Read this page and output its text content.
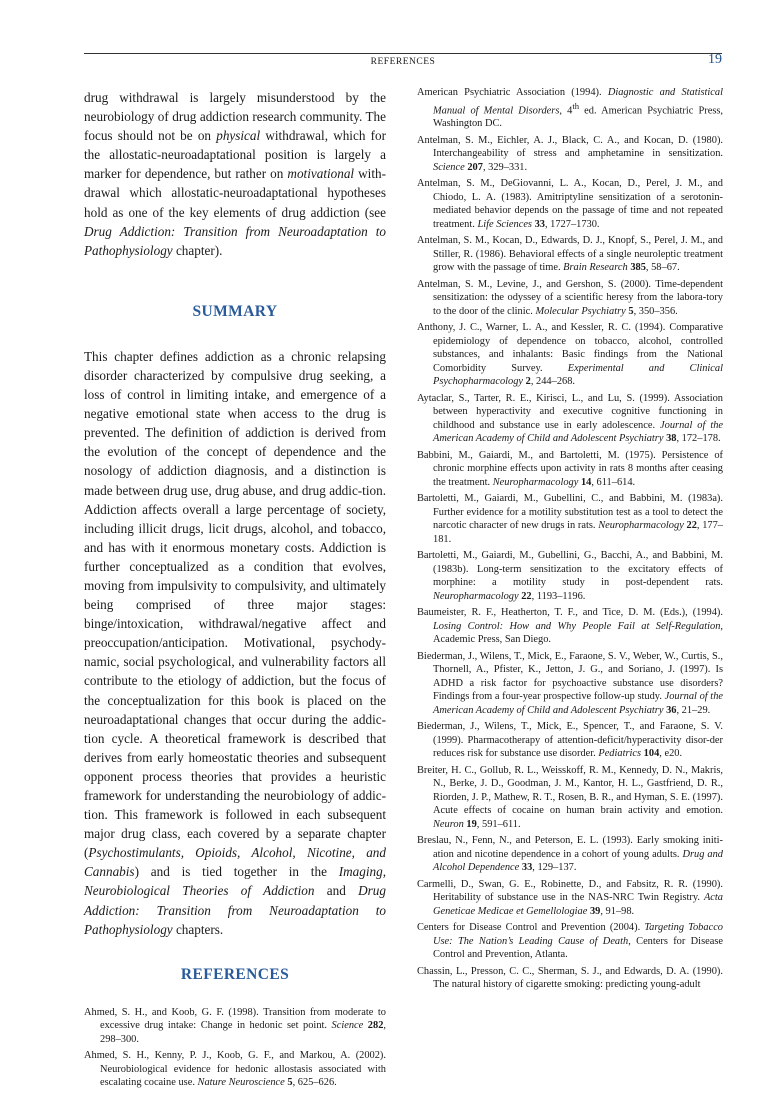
REFERENCES	19

drug withdrawal is largely misunderstood by the neurobiology of drug addiction research community. The focus should not be on physical withdrawal, which for the allostatic-neuroadaptational position is largely a marker for dependence, but rather on motivational with-drawal which allostatic-neuroadaptational hypotheses hold as one of the key elements of drug addiction (see Drug Addiction: Transition from Neuroadaptation to Pathophysiology chapter).

SUMMARY

This chapter defines addiction as a chronic relapsing disorder characterized by compulsive drug seeking, a loss of control in limiting intake, and emergence of a negative emotional state when access to the drug is prevented. The definition of addiction is derived from the evolution of the concept of dependence and the nosology of addiction diagnosis, and a distinction is made between drug use, drug abuse, and drug addic-tion. Addiction affects overall a large percentage of society, including illicit drugs, licit drugs, alcohol, and tobacco, and has with it enormous monetary costs. Addiction is further conceptualized as a condition that evolves, moving from impulsivity to compulsivity, and ultimately being comprised of three major stages: binge/intoxication, withdrawal/negative affect and preoccupation/anticipation. Motivational, psychody-namic, social psychological, and vulnerability factors all contribute to the etiology of addiction, but the focus of the conceptualization for this book is placed on the neuroadaptational changes that occur during the addic-tion cycle. A theoretical framework is described that derives from early homeostatic theories and subsequent opponent process theories that provides a heuristic framework for understanding the neurobiology of addic-tion. This framework is followed in each subsequent major drug class, each covered by a separate chapter (Psychostimulants, Opioids, Alcohol, Nicotine, and Cannabis) and is tied together in the Imaging, Neurobiological Theories of Addiction and Drug Addiction: Transition from Neuroadaptation to Pathophysiology chapters.

REFERENCES

Ahmed, S. H., and Koob, G. F. (1998). Transition from moderate to excessive drug intake: Change in hedonic set point. Science 282, 298–300.

Ahmed, S. H., Kenny, P. J., Koob, G. F., and Markou, A. (2002). Neurobiological evidence for hedonic allostasis associated with escalating cocaine use. Nature Neuroscience 5, 625–626.

American Psychiatric Association (1994). Diagnostic and Statistical Manual of Mental Disorders, 4th ed. American Psychiatric Press, Washington DC.

Antelman, S. M., Eichler, A. J., Black, C. A., and Kocan, D. (1980). Interchangeability of stress and amphetamine in sensitization. Science 207, 329–331.

Antelman, S. M., DeGiovanni, L. A., Kocan, D., Perel, J. M., and Chiodo, L. A. (1983). Amitriptyline sensitization of a serotonin-mediated behavior depends on the passage of time and not repeated treatment. Life Sciences 33, 1727–1730.

Antelman, S. M., Kocan, D., Edwards, D. J., Knopf, S., Perel, J. M., and Stiller, R. (1986). Behavioral effects of a single neuroleptic treatment grow with the passage of time. Brain Research 385, 58–67.

Antelman, S. M., Levine, J., and Gershon, S. (2000). Time-dependent sensitization: the odyssey of a scientific heresy from the labora-tory to the door of the clinic. Molecular Psychiatry 5, 350–356.

Anthony, J. C., Warner, L. A., and Kessler, R. C. (1994). Comparative epidemiology of dependence on tobacco, alcohol, controlled substances, and inhalants: Basic findings from the National Comorbidity Survey. Experimental and Clinical Psychopharmacology 2, 244–268.

Aytaclar, S., Tarter, R. E., Kirisci, L., and Lu, S. (1999). Association between hyperactivity and executive cognitive functioning in childhood and substance use in early adolescence. Journal of the American Academy of Child and Adolescent Psychiatry 38, 172–178.

Babbini, M., Gaiardi, M., and Bartoletti, M. (1975). Persistence of chronic morphine effects upon activity in rats 8 months after ceasing the treatment. Neuropharmacology 14, 611–614.

Bartoletti, M., Gaiardi, M., Gubellini, C., and Babbini, M. (1983a). Further evidence for a motility substitution test as a tool to detect the narcotic character of new drugs in rats. Neuropharmacology 22, 177–181.

Bartoletti, M., Gaiardi, M., Gubellini, G., Bacchi, A., and Babbini, M. (1983b). Long-term sensitization to the excitatory effects of morphine: a motility study in post-dependent rats. Neuropharmacology 22, 1193–1196.

Baumeister, R. F., Heatherton, T. F., and Tice, D. M. (Eds.), (1994). Losing Control: How and Why People Fail at Self-Regulation, Academic Press, San Diego.

Biederman, J., Wilens, T., Mick, E., Faraone, S. V., Weber, W., Curtis, S., Thornell, A., Pfister, K., Jetton, J. G., and Soriano, J. (1997). Is ADHD a risk factor for psychoactive substance use disorders? Findings from a four-year prospective follow-up study. Journal of the American Academy of Child and Adolescent Psychiatry 36, 21–29.

Biederman, J., Wilens, T., Mick, E., Spencer, T., and Faraone, S. V. (1999). Pharmacotherapy of attention-deficit/hyperactivity disor-der reduces risk for substance use disorder. Pediatrics 104, e20.

Breiter, H. C., Gollub, R. L., Weisskoff, R. M., Kennedy, D. N., Makris, N., Berke, J. D., Goodman, J. M., Kantor, H. L., Gastfriend, D. R., Riorden, J. P., Mathew, R. T., Rosen, B. R., and Hyman, S. E. (1997). Acute effects of cocaine on human brain activity and emotion. Neuron 19, 591–611.

Breslau, N., Fenn, N., and Peterson, E. L. (1993). Early smoking initi-ation and nicotine dependence in a cohort of young adults. Drug and Alcohol Dependence 33, 129–137.

Carmelli, D., Swan, G. E., Robinette, D., and Fabsitz, R. R. (1990). Heritability of substance use in the NAS-NRC Twin Registry. Acta Geneticae Medicae et Gemellologiae 39, 91–98.

Centers for Disease Control and Prevention (2004). Targeting Tobacco Use: The Nation’s Leading Cause of Death, Centers for Disease Control and Prevention, Atlanta.

Chassin, L., Presson, C. C., Sherman, S. J., and Edwards, D. A. (1990). The natural history of cigarette smoking: predicting young-adult
